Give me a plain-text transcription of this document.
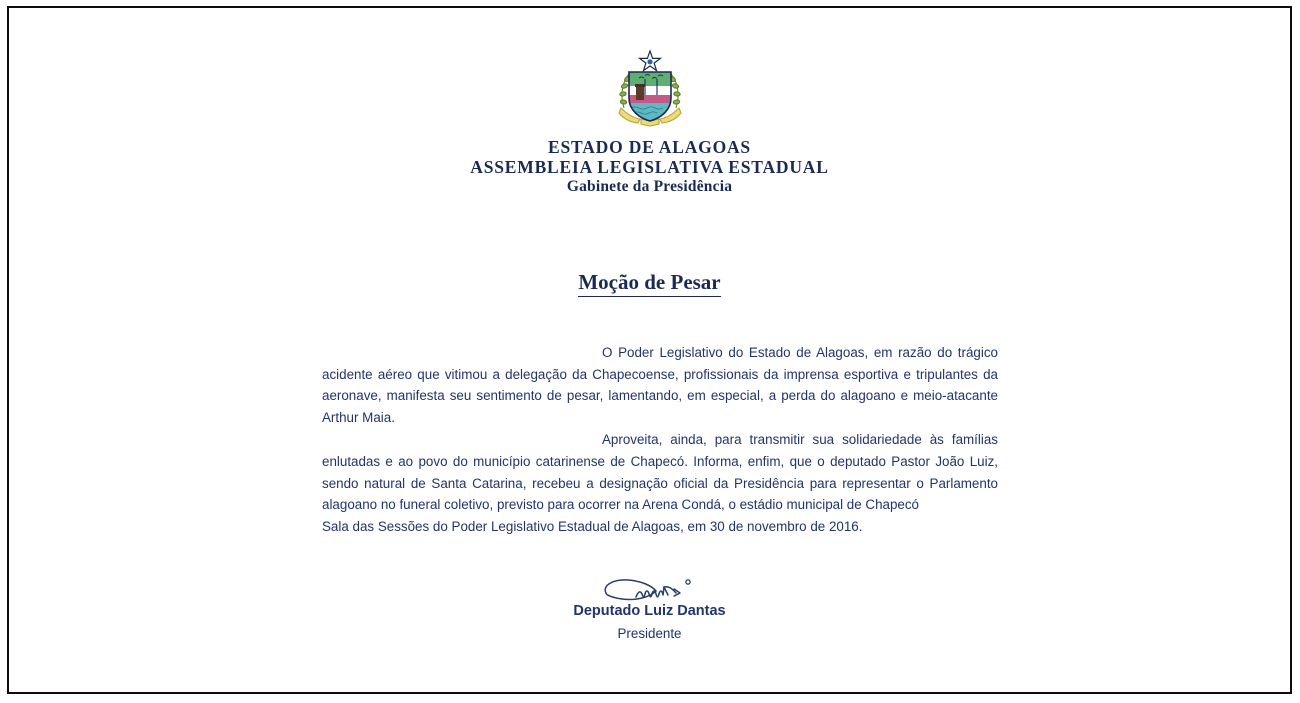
ESTADO DE ALAGOAS
ASSEMBLEIA LEGISLATIVA ESTADUAL
Gabinete da Presidência
Moção de Pesar

O Poder Legislativo do Estado de Alagoas, em razão do trágico acidente aéreo que vitimou a delegação da Chapecoense, profissionais da imprensa esportiva e tripulantes da aeronave, manifesta seu sentimento de pesar, lamentando, em especial, a perda do alagoano e meio-atacante Arthur Maia.

Aproveita, ainda, para transmitir sua solidariedade às famílias enlutadas e ao povo do município catarinense de Chapecó. Informa, enfim, que o deputado Pastor João Luiz, sendo natural de Santa Catarina, recebeu a designação oficial da Presidência para representar o Parlamento alagoano no funeral coletivo, previsto para ocorrer na Arena Condá, o estádio municipal de Chapecó

Sala das Sessões do Poder Legislativo Estadual de Alagoas, em 30 de novembro de 2016.

Deputado Luiz Dantas
Presidente
